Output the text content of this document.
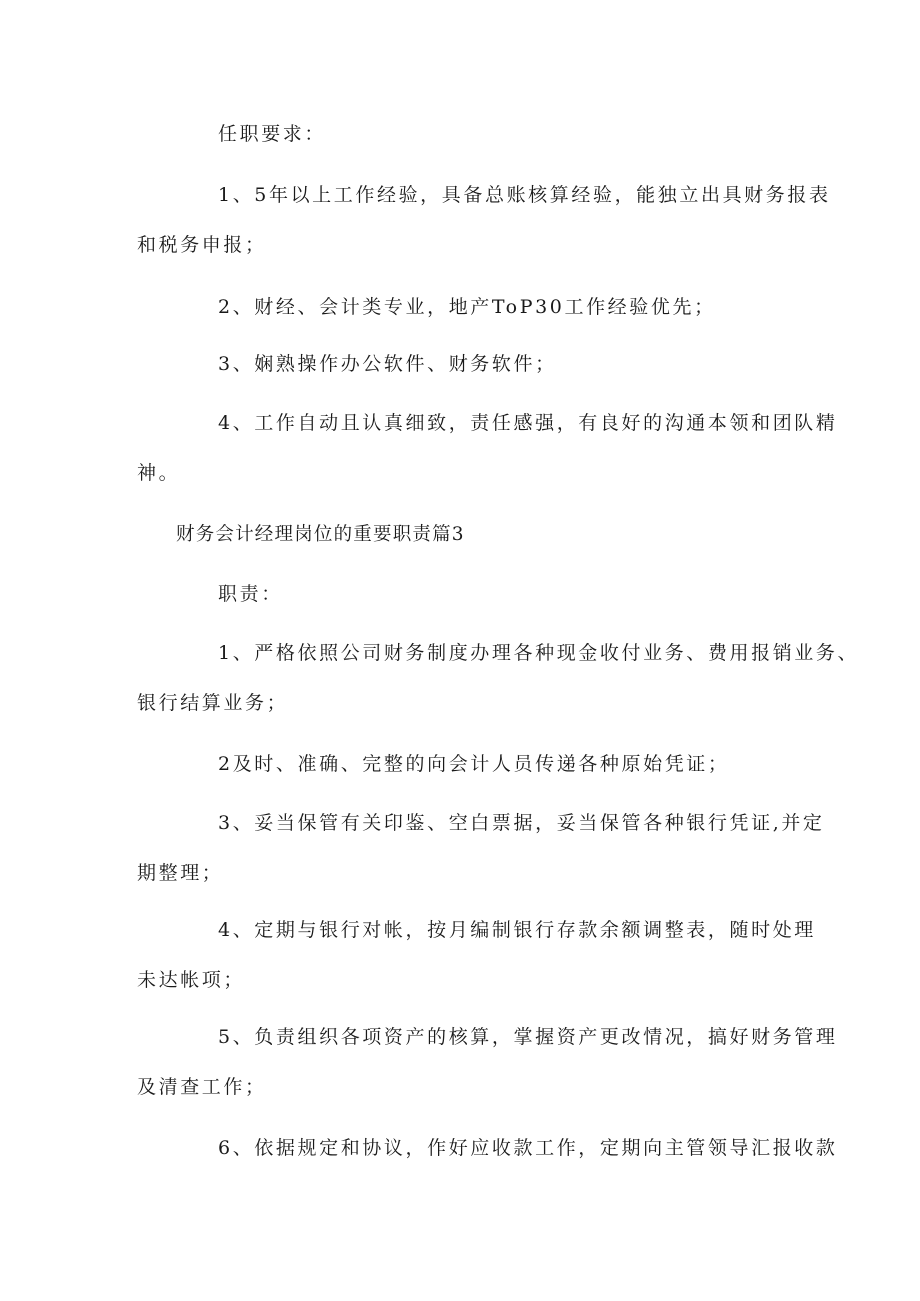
任职要求：
1、5年以上工作经验，具备总账核算经验，能独立出具财务报表
和税务申报；
2、财经、会计类专业，地产ToP30工作经验优先；
3、娴熟操作办公软件、财务软件；
4、工作自动且认真细致，责任感强，有良好的沟通本领和团队精
神。
财务会计经理岗位的重要职责篇3
职责：
1、严格依照公司财务制度办理各种现金收付业务、费用报销业务、
银行结算业务；
2及时、准确、完整的向会计人员传递各种原始凭证；
3、妥当保管有关印鉴、空白票据，妥当保管各种银行凭证,并定
期整理；
4、定期与银行对帐，按月编制银行存款余额调整表，随时处理
未达帐项；
5、负责组织各项资产的核算，掌握资产更改情况，搞好财务管理
及清查工作；
6、依据规定和协议，作好应收款工作，定期向主管领导汇报收款
